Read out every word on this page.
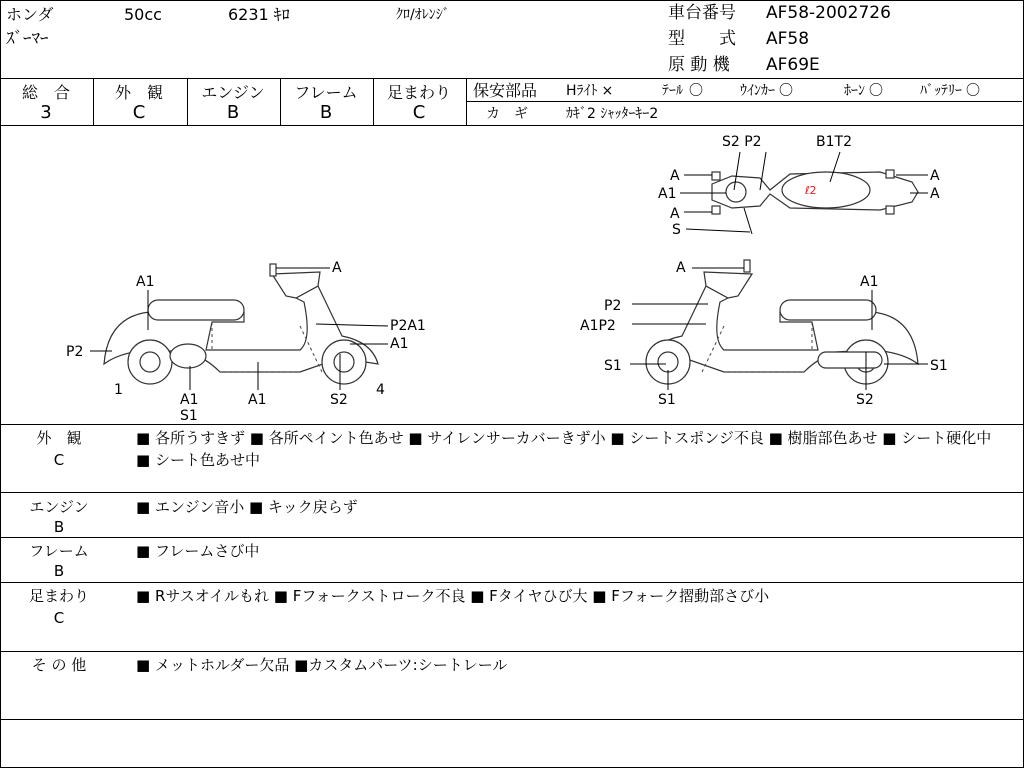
ホンダ	50cc	6231 ｷﾛ	ｸﾛ/ｵﾚﾝｼﾞ
ｽﾞｰﾏｰ
車台番号 AF58-2002726
型　　式 AF58
原 動 機 AF69E
総　合
3
外　観
C
エンジン
B
フレーム
B
足まわり
C
保安部品 Hﾗｲﾄ ×	ﾃｰﾙ 〇	ｳｲﾝｶｰ 〇	ﾎｰﾝ 〇	ﾊﾞｯﾃﾘｰ 〇
カ　ギ	ｶｷﾞ2 ｼｬｯﾀｰｷｰ2
ℓ2
S2 P2	B1T2
A
A1
A
S
A
A
A
A1
P2A1
A1
P2
1
A1
S1
A1	S2
4
A
A1
P2
A1P2
S1	S1
S1	S2
外　観
C
■ 各所うすきず ■ 各所ペイント色あせ ■ サイレンサーカバーきず小 ■ シートスポンジ不良 ■ 樹脂部色あせ ■ シート硬化中 ■ シート色あせ中
エンジン
B
■ エンジン音小 ■ キック戻らず
フレーム
B
■ フレームさび中
足まわり
C
■ Rサスオイルもれ ■ Fフォークストローク不良 ■ Fタイヤひび大 ■ Fフォーク摺動部さび小
そ の 他	■ メットホルダー欠品 ■カスタムパーツ:シートレール
